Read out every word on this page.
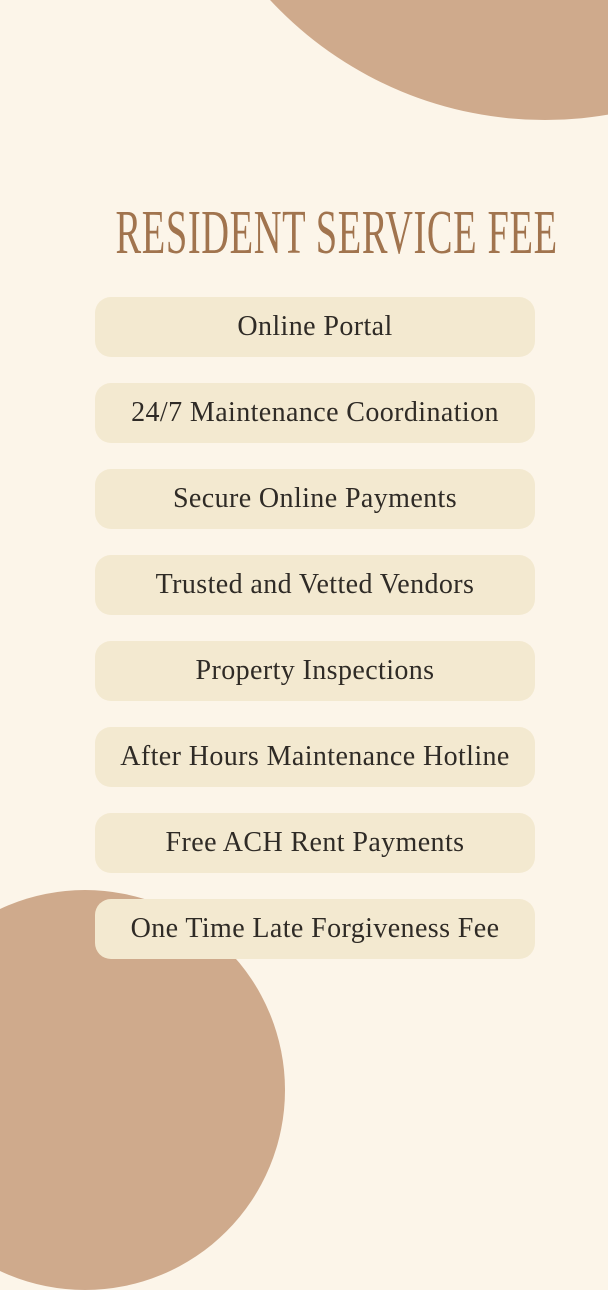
RESIDENT SERVICE FEE
Online Portal
24/7 Maintenance Coordination
Secure Online Payments
Trusted and Vetted Vendors
Property Inspections
After Hours Maintenance Hotline
Free ACH Rent Payments
One Time Late Forgiveness Fee
